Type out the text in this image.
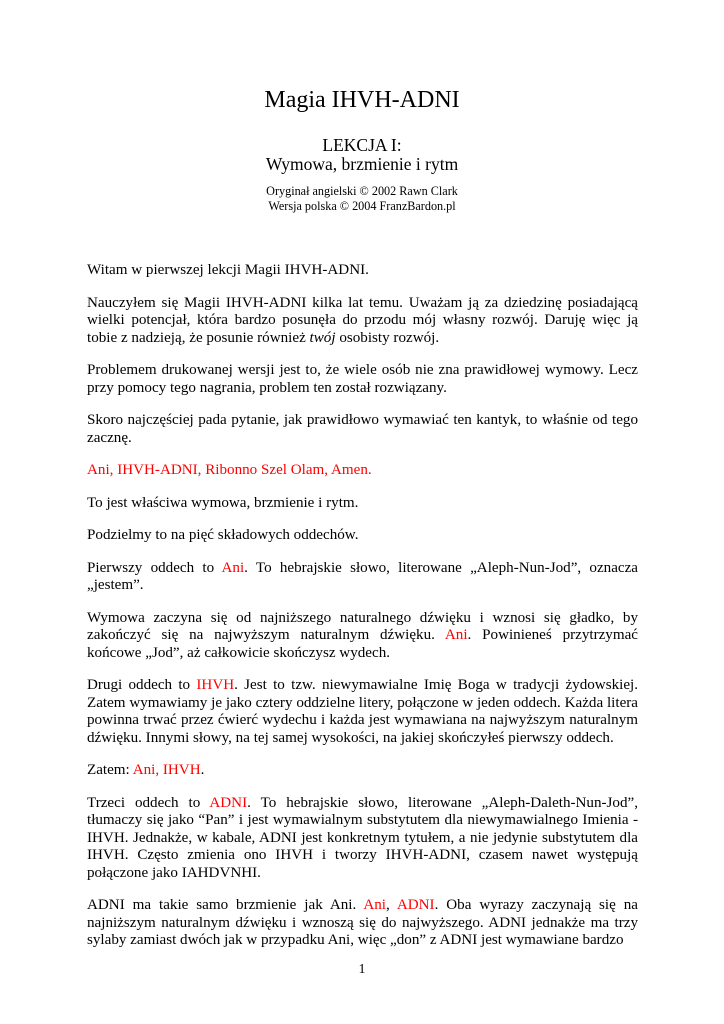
Magia IHVH-ADNI
LEKCJA I:
Wymowa, brzmienie i rytm
Oryginał angielski © 2002 Rawn Clark
Wersja polska © 2004 FranzBardon.pl

Witam w pierwszej lekcji Magii IHVH-ADNI.

Nauczyłem się Magii IHVH-ADNI kilka lat temu. Uważam ją za dziedzinę posiadającą wielki potencjał, która bardzo posunęła do przodu mój własny rozwój. Daruję więc ją tobie z nadzieją, że posunie również twój osobisty rozwój.

Problemem drukowanej wersji jest to, że wiele osób nie zna prawidłowej wymowy. Lecz przy pomocy tego nagrania, problem ten został rozwiązany.

Skoro najczęściej pada pytanie, jak prawidłowo wymawiać ten kantyk, to właśnie od tego zacznę.

Ani, IHVH-ADNI, Ribonno Szel Olam, Amen.

To jest właściwa wymowa, brzmienie i rytm.

Podzielmy to na pięć składowych oddechów.

Pierwszy oddech to Ani. To hebrajskie słowo, literowane „Aleph-Nun-Jod”, oznacza „jestem”.

Wymowa zaczyna się od najniższego naturalnego dźwięku i wznosi się gładko, by zakończyć się na najwyższym naturalnym dźwięku. Ani. Powinieneś przytrzymać końcowe „Jod”, aż całkowicie skończysz wydech.

Drugi oddech to IHVH. Jest to tzw. niewymawialne Imię Boga w tradycji żydowskiej. Zatem wymawiamy je jako cztery oddzielne litery, połączone w jeden oddech. Każda litera powinna trwać przez ćwierć wydechu i każda jest wymawiana na najwyższym naturalnym dźwięku. Innymi słowy, na tej samej wysokości, na jakiej skończyłeś pierwszy oddech.

Zatem: Ani, IHVH.

Trzeci oddech to ADNI. To hebrajskie słowo, literowane „Aleph-Daleth-Nun-Jod”, tłumaczy się jako “Pan” i jest wymawialnym substytutem dla niewymawialnego Imienia - IHVH. Jednakże, w kabale, ADNI jest konkretnym tytułem, a nie jedynie substytutem dla IHVH. Często zmienia ono IHVH i tworzy IHVH-ADNI, czasem nawet występują połączone jako IAHDVNHI.

ADNI ma takie samo brzmienie jak Ani. Ani, ADNI. Oba wyrazy zaczynają się na najniższym naturalnym dźwięku i wznoszą się do najwyższego. ADNI jednakże ma trzy sylaby zamiast dwóch jak w przypadku Ani, więc „don” z ADNI jest wymawiane bardzo

1
